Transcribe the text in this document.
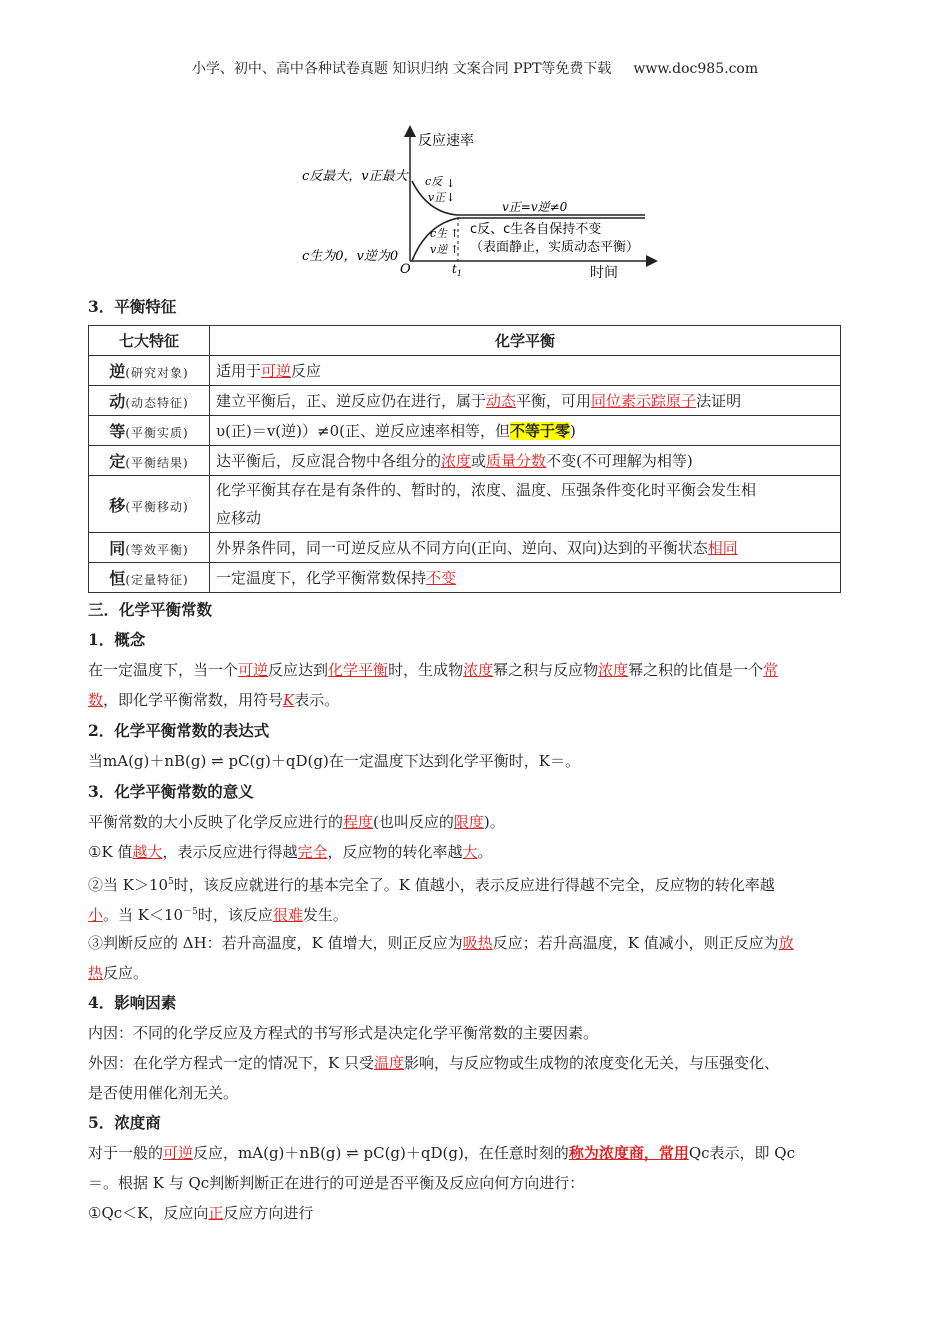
小学、初中、高中各种试卷真题 知识归纳 文案合同 PPT等免费下载 www.doc985.com
反应速率
时间
O	$t_1$
c反最大，v正最大
c生为0，v逆为0
c反
v正
↓
↓
c生
v逆
↑
↑
v正=v逆≠0
c反、c生各自保持不变
（表面静止，实质动态平衡）
3．平衡特征
七大特征	化学平衡
逆(研究对象)	适用于可逆反应
动(动态特征)	建立平衡后，正、逆反应仍在进行，属于动态平衡，可用同位素示踪原子法证明
等(平衡实质)	υ(正)＝v(逆)）≠0(正、逆反应速率相等，但不等于零)
定(平衡结果)	达平衡后，反应混合物中各组分的浓度或质量分数不变(不可理解为相等)
移(平衡移动)	化学平衡其存在是有条件的、暂时的，浓度、温度、压强条件变化时平衡会发生相
应移动
同(等效平衡)	外界条件同，同一可逆反应从不同方向(正向、逆向、双向)达到的平衡状态相同
恒(定量特征)	一定温度下，化学平衡常数保持不变
三．化学平衡常数
1．概念
在一定温度下，当一个可逆反应达到化学平衡时，生成物浓度幂之积与反应物浓度幂之积的比值是一个常
数，即化学平衡常数，用符号K表示。
2．化学平衡常数的表达式
当mA(g)＋nB(g) ⇌ pC(g)＋qD(g)在一定温度下达到化学平衡时，K＝。
3．化学平衡常数的意义
平衡常数的大小反映了化学反应进行的程度(也叫反应的限度)。
①K 值越大，表示反应进行得越完全，反应物的转化率越大。
②当 $K>10^5$时，该反应就进行的基本完全了。K 值越小，表示反应进行得越不完全，反应物的转化率越
小。当 $K<10^{-5}$时，该反应很难发生。
③判断反应的 ΔH：若升高温度，K 值增大，则正反应为吸热反应；若升高温度，K 值减小，则正反应为放
热反应。
4．影响因素
内因：不同的化学反应及方程式的书写形式是决定化学平衡常数的主要因素。
外因：在化学方程式一定的情况下，K 只受温度影响，与反应物或生成物的浓度变化无关，与压强变化、
是否使用催化剂无关。
5．浓度商
对于一般的可逆反应，mA(g)＋nB(g) ⇌ pC(g)＋qD(g)，在任意时刻的称为浓度商，常用Qc表示，即 Qc
＝。根据 K 与 Qc判断判断正在进行的可逆是否平衡及反应向何方向进行：
①Qc＜K，反应向正反应方向进行
